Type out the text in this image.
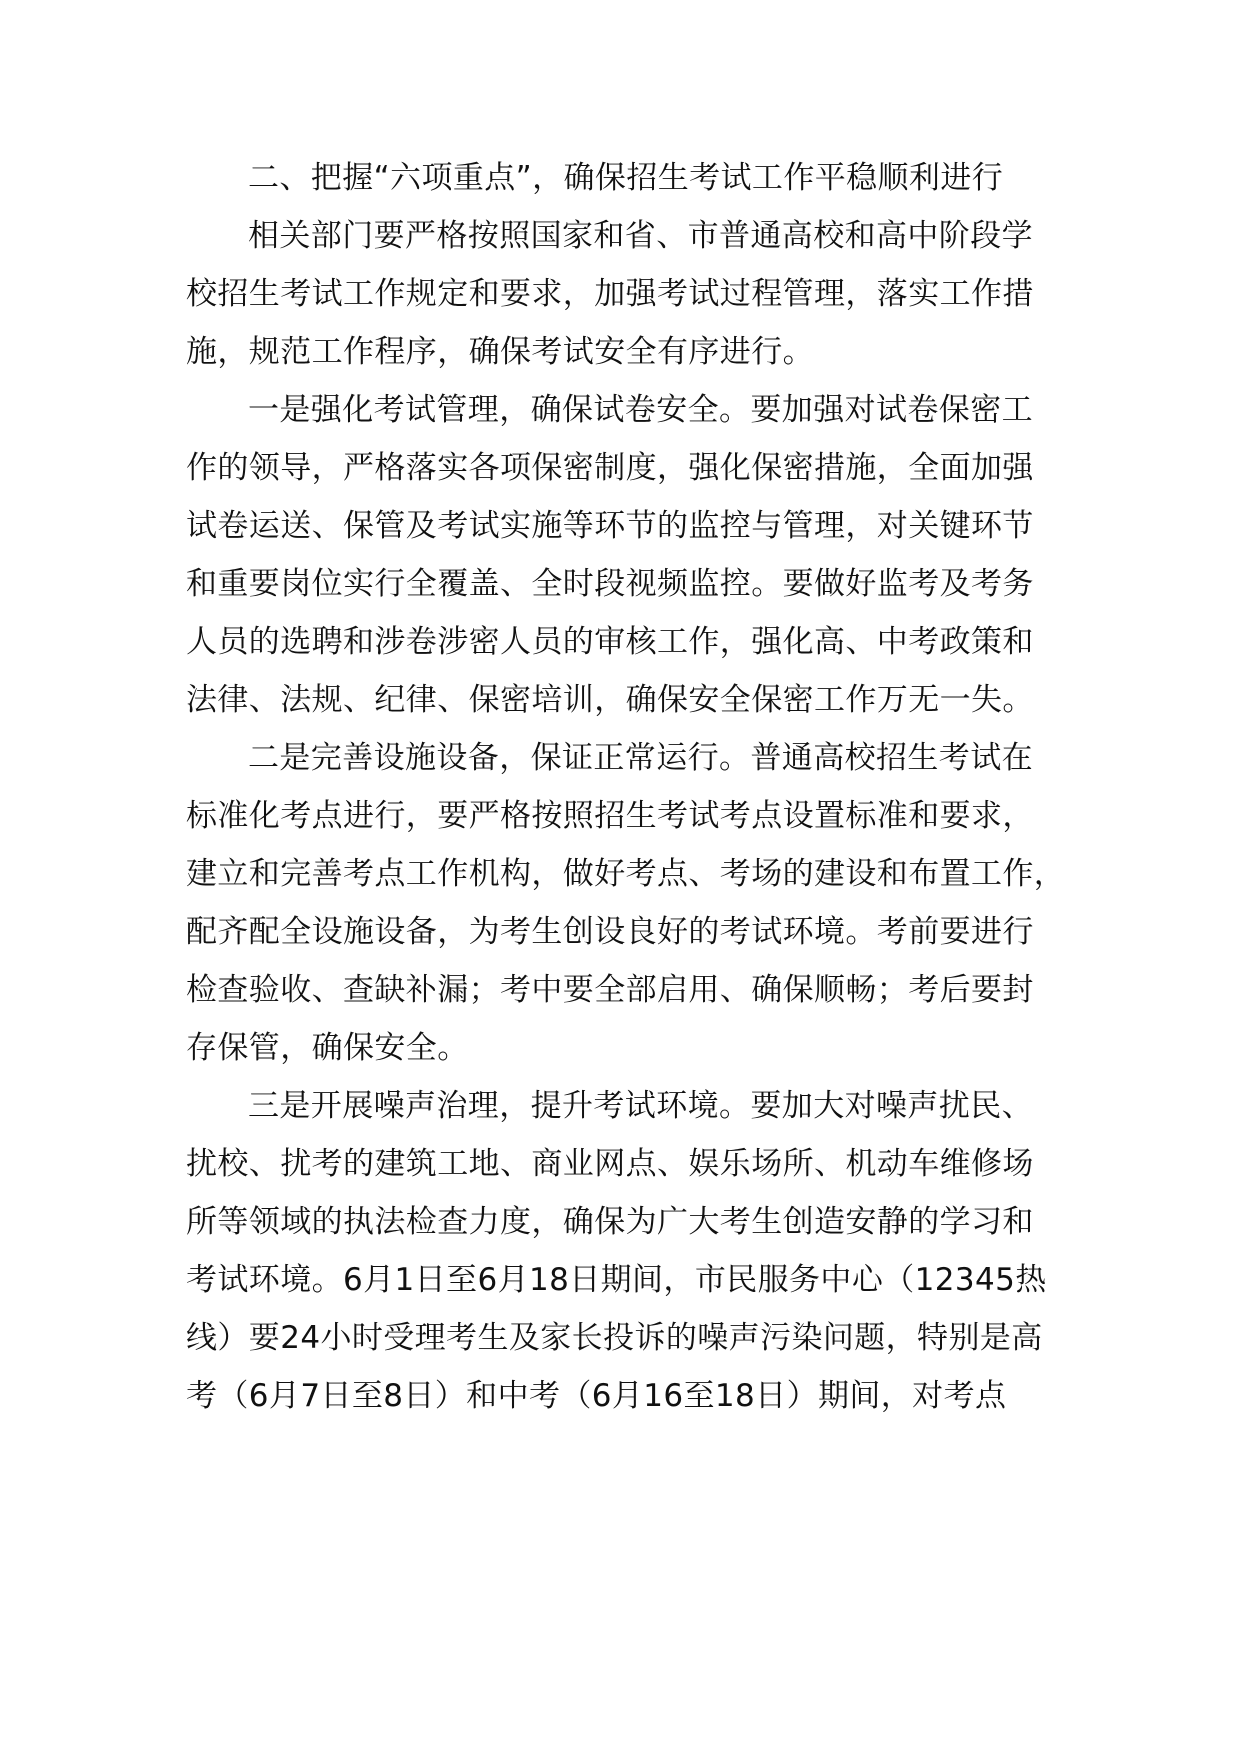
二、把握“六项重点”，确保招生考试工作平稳顺利进行
相关部门要严格按照国家和省、市普通高校和高中阶段学
校招生考试工作规定和要求，加强考试过程管理，落实工作措
施，规范工作程序，确保考试安全有序进行。
一是强化考试管理，确保试卷安全。要加强对试卷保密工
作的领导，严格落实各项保密制度，强化保密措施，全面加强
试卷运送、保管及考试实施等环节的监控与管理，对关键环节
和重要岗位实行全覆盖、全时段视频监控。要做好监考及考务
人员的选聘和涉卷涉密人员的审核工作，强化高、中考政策和
法律、法规、纪律、保密培训，确保安全保密工作万无一失。
二是完善设施设备，保证正常运行。普通高校招生考试在
标准化考点进行，要严格按照招生考试考点设置标准和要求，
建立和完善考点工作机构，做好考点、考场的建设和布置工作，
配齐配全设施设备，为考生创设良好的考试环境。考前要进行
检查验收、查缺补漏；考中要全部启用、确保顺畅；考后要封
存保管，确保安全。
三是开展噪声治理，提升考试环境。要加大对噪声扰民、
扰校、扰考的建筑工地、商业网点、娱乐场所、机动车维修场
所等领域的执法检查力度，确保为广大考生创造安静的学习和
考试环境。6月1日至6月18日期间，市民服务中心（12345热
线）要24小时受理考生及家长投诉的噪声污染问题，特别是高
考（6月7日至8日）和中考（6月16至18日）期间，对考点
